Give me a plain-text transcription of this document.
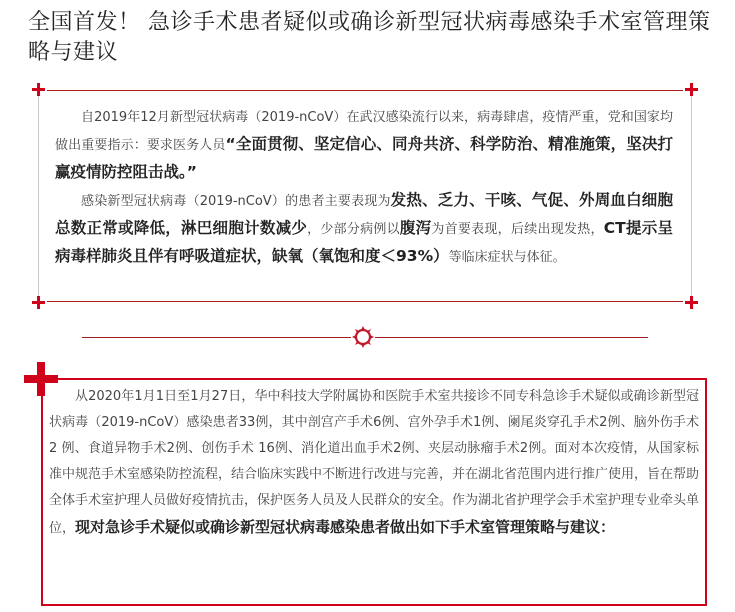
全国首发！ 急诊手术患者疑似或确诊新型冠状病毒感染手术室管理策略与建议

自2019年12月新型冠状病毒（2019-nCoV）在武汉感染流行以来，病毒肆虐，疫情严重，党和国家均做出重要指示：要求医务人员“全面贯彻、坚定信心、同舟共济、科学防治、精准施策，坚决打赢疫情防控阻击战。”

感染新型冠状病毒（2019-nCoV）的患者主要表现为发热、乏力、干咳、气促、外周血白细胞总数正常或降低，淋巴细胞计数减少，少部分病例以腹泻为首要表现，后续出现发热，CT提示呈病毒样肺炎且伴有呼吸道症状，缺氧（氧饱和度＜93%）等临床症状与体征。

从2020年1月1日至1月27日，华中科技大学附属协和医院手术室共接诊不同专科急诊手术疑似或确诊新型冠状病毒（2019-nCoV）感染患者33例，其中剖宫产手术6例、宫外孕手术1例、阑尾炎穿孔手术2例、脑外伤手术2 例、食道异物手术2例、创伤手术 16例、消化道出血手术2例、夹层动脉瘤手术2例。面对本次疫情，从国家标准中规范手术室感染防控流程，结合临床实践中不断进行改进与完善，并在湖北省范围内进行推广使用，旨在帮助全体手术室护理人员做好疫情抗击，保护医务人员及人民群众的安全。作为湖北省护理学会手术室护理专业牵头单位，现对急诊手术疑似或确诊新型冠状病毒感染患者做出如下手术室管理策略与建议：
